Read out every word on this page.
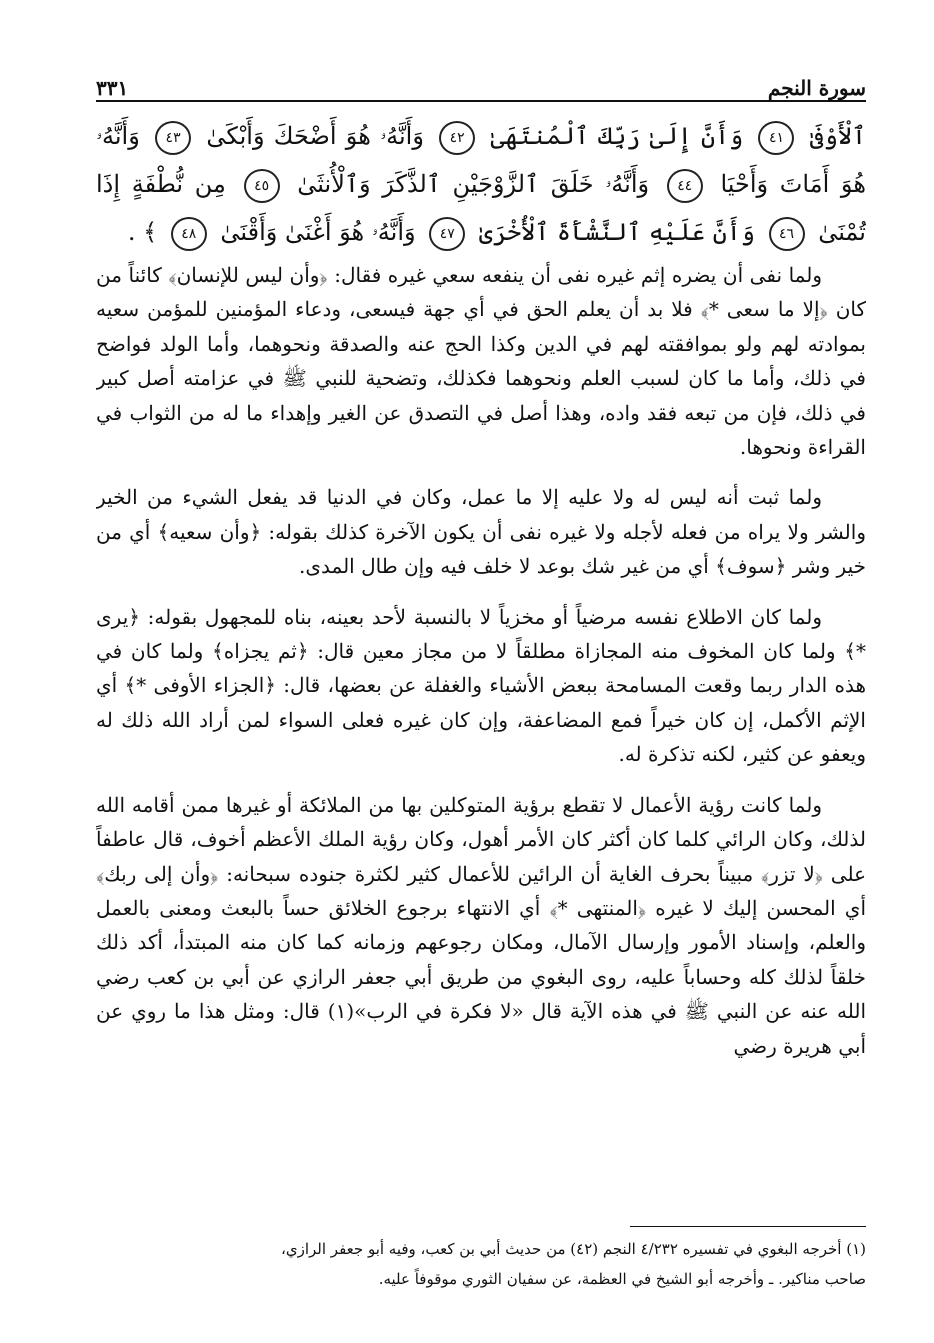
سورة النجم
٣٣١

ٱلْأَوْفَىٰ ٤١ وَأَنَّ إِلَىٰ رَبِّكَ ٱلْمُنتَهَىٰ ٤٢ وَأَنَّهُۥ هُوَ أَضْحَكَ وَأَبْكَىٰ ٤٣ وَأَنَّهُۥ هُوَ أَمَاتَ وَأَحْيَا ٤٤ وَأَنَّهُۥ خَلَقَ ٱلزَّوْجَيْنِ ٱلذَّكَرَ وَٱلْأُنثَىٰ ٤٥ مِن نُّطْفَةٍ إِذَا تُمْنَىٰ ٤٦ وَأَنَّ عَلَيْهِ ٱلنَّشْأَةَ ٱلْأُخْرَىٰ ٤٧ وَأَنَّهُۥ هُوَ أَغْنَىٰ وَأَقْنَىٰ ٤٨ ﴾ .

ولما نفى أن يضره إثم غيره نفى أن ينفعه سعي غيره فقال: ﴿وأن ليس للإنسان﴾ كائناً من كان ﴿إلا ما سعى *﴾ فلا بد أن يعلم الحق في أي جهة فيسعى، ودعاء المؤمنين للمؤمن سعيه بموادته لهم ولو بموافقته لهم في الدين وكذا الحج عنه والصدقة ونحوهما، وأما الولد فواضح في ذلك، وأما ما كان لسبب العلم ونحوهما فكذلك، وتضحية للنبي ﷺ في عزامته أصل كبير في ذلك، فإن من تبعه فقد واده، وهذا أصل في التصدق عن الغير وإهداء ما له من الثواب في القراءة ونحوها.

ولما ثبت أنه ليس له ولا عليه إلا ما عمل، وكان في الدنيا قد يفعل الشيء من الخير والشر ولا يراه من فعله لأجله ولا غيره نفى أن يكون الآخرة كذلك بقوله: ﴿وأن سعيه﴾ أي من خير وشر ﴿سوف﴾ أي من غير شك بوعد لا خلف فيه وإن طال المدى.

ولما كان الاطلاع نفسه مرضياً أو مخزياً لا بالنسبة لأحد بعينه، بناه للمجهول بقوله: ﴿يرى *﴾ ولما كان المخوف منه المجازاة مطلقاً لا من مجاز معين قال: ﴿ثم يجزاه﴾ ولما كان في هذه الدار ربما وقعت المسامحة ببعض الأشياء والغفلة عن بعضها، قال: ﴿الجزاء الأوفى *﴾ أي الإثم الأكمل، إن كان خيراً فمع المضاعفة، وإن كان غيره فعلى السواء لمن أراد الله ذلك له ويعفو عن كثير، لكنه تذكرة له.

ولما كانت رؤية الأعمال لا تقطع برؤية المتوكلين بها من الملائكة أو غيرها ممن أقامه الله لذلك، وكان الرائي كلما كان أكثر كان الأمر أهول، وكان رؤية الملك الأعظم أخوف، قال عاطفاً على ﴿لا تزر﴾ مبيناً بحرف الغاية أن الرائين للأعمال كثير لكثرة جنوده سبحانه: ﴿وأن إلى ربك﴾ أي المحسن إليك لا غيره ﴿المنتهى *﴾ أي الانتهاء برجوع الخلائق حساً بالبعث ومعنى بالعمل والعلم، وإسناد الأمور وإرسال الآمال، ومكان رجوعهم وزمانه كما كان منه المبتدأ، أكد ذلك خلقاً لذلك كله وحساباً عليه، روى البغوي من طريق أبي جعفر الرازي عن أبي بن كعب رضي الله عنه عن النبي ﷺ في هذه الآية قال «لا فكرة في الرب»(١) قال: ومثل هذا ما روي عن أبي هريرة رضي

(١) أخرجه البغوي في تفسيره ٤/٢٣٢ النجم (٤٢) من حديث أبي بن كعب، وفيه أبو جعفر الرازي،

صاحب مناكير. ـ وأخرجه أبو الشيخ في العظمة، عن سفيان الثوري موقوفاً عليه.
